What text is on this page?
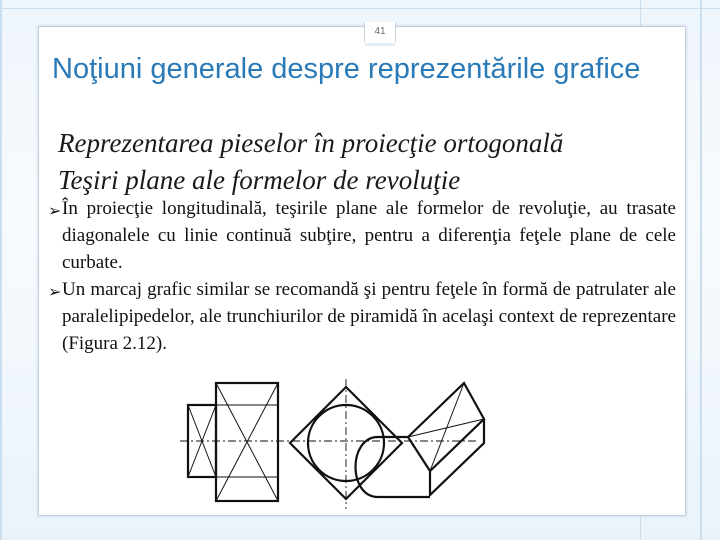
41
Noţiuni generale despre reprezentările grafice
Reprezentarea pieselor în proiecţie ortogonală
Teşiri plane ale formelor de revoluţie
➢ În proiecţie longitudinală, teşirile plane ale formelor de revoluţie, au trasate diagonalele cu linie continuă subţire, pentru a diferenţia feţele plane de cele curbate.
➢ Un marcaj grafic similar se recomandă şi pentru feţele în formă de patrulater ale paralelipipedelor, ale trunchiurilor de piramidă în acelaşi context de reprezentare (Figura 2.12).
